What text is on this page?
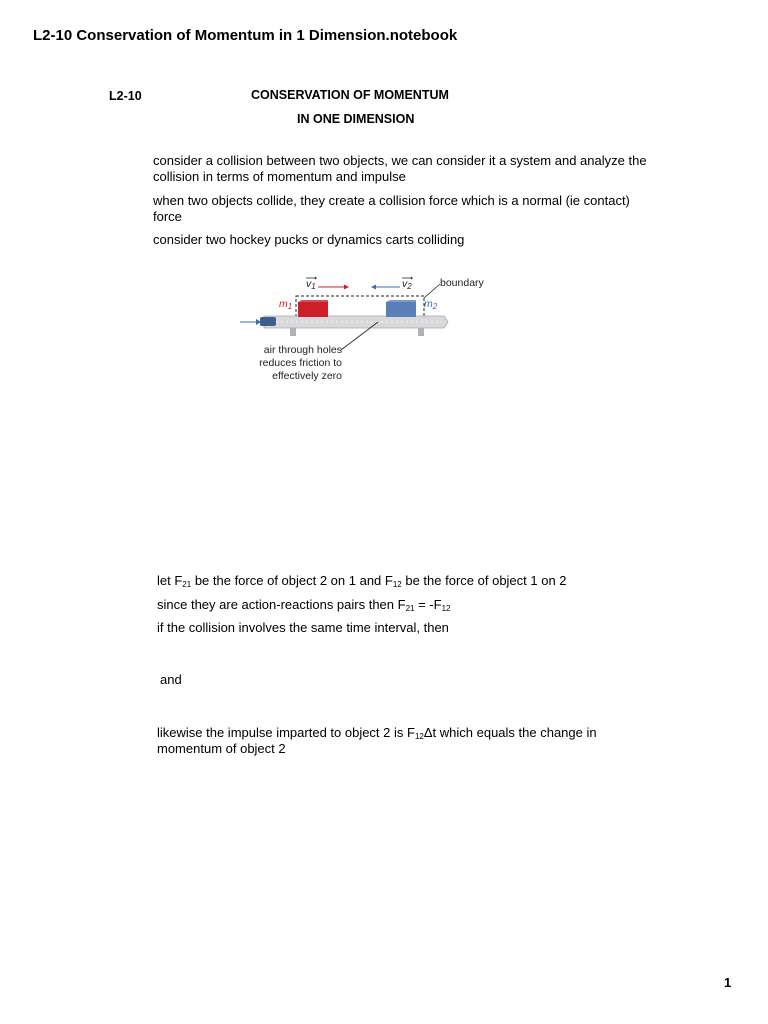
L2-10 Conservation of Momentum in 1 Dimension.notebook
L2-10	CONSERVATION OF MOMENTUM
IN ONE DIMENSION
consider a collision between two objects, we can consider it a system and analyze the collision in terms of momentum and impulse
when two objects collide, they create a collision force which is a normal (ie contact) force
consider two hockey pucks or dynamics carts colliding
$v_1$	$v_2$	boundary
$m_1$	$m_2$
air through holes
reduces friction to
effectively zero
let $F_{21}$ be the force of object 2 on 1 and $F_{12}$ be the force of object 1 on 2
since they are action-reactions pairs then $F_{21} = -F_{12}$
if the collision involves the same time interval, then
and
likewise the impulse imparted to object 2 is $F_{12}\Delta t$ which equals the change in momentum of object 2
1
